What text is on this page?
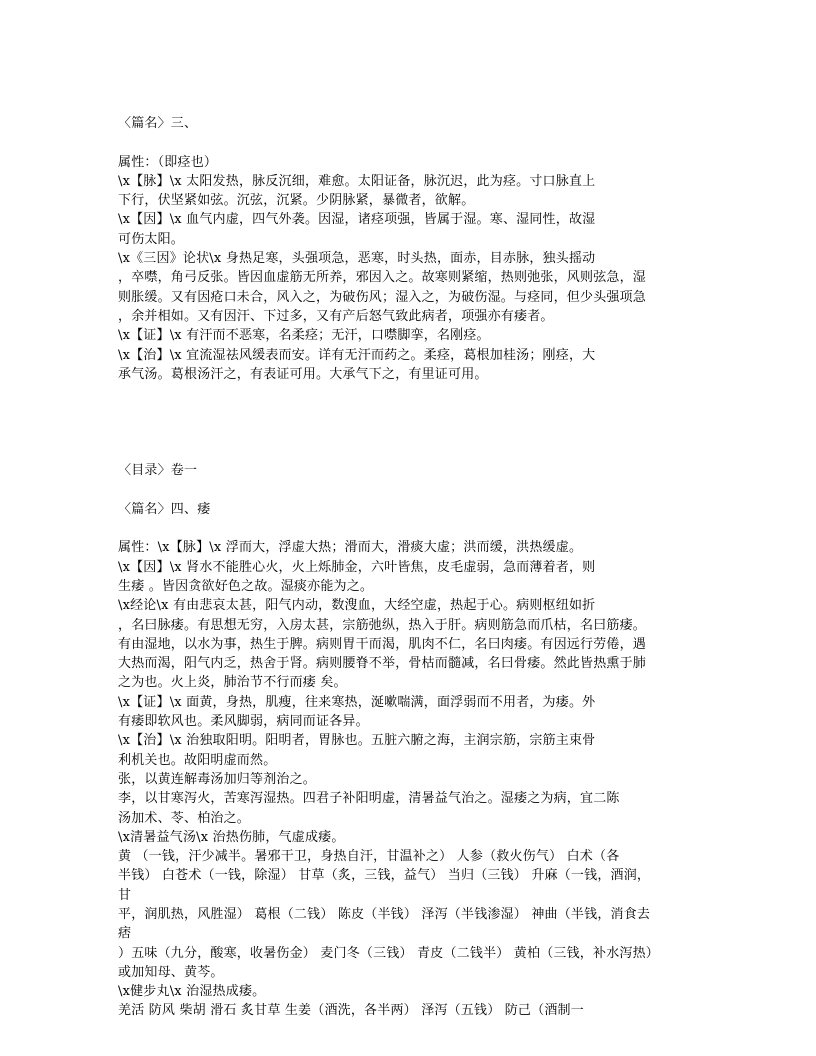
〈篇名〉三、
属性：（即痉也）
\x【脉】\x 太阳发热，脉反沉细，难愈。太阳证备，脉沉迟，此为痉。寸口脉直上
下行，伏坚紧如弦。沉弦，沉紧。少阴脉紧，暴微者，欲解。
\x【因】\x 血气内虚，四气外袭。因湿，诸痉项强，皆属于湿。寒、湿同性，故湿
可伤太阳。
\x《三因》论状\x 身热足寒，头强项急，恶寒，时头热，面赤，目赤脉，独头摇动
，卒噤，角弓反张。皆因血虚筋无所养，邪因入之。故寒则紧缩，热则弛张，风则弦急，湿
则胀缓。又有因疮口未合，风入之，为破伤风；湿入之，为破伤湿。与痉同，但少头强项急
，余并相如。又有因汗、下过多，又有产后怒气致此病者，项强亦有痿者。
\x【证】\x 有汗而不恶寒，名柔痉；无汗，口噤脚挛，名刚痉。
\x【治】\x 宜流湿祛风缓表而安。详有无汗而药之。柔痉，葛根加桂汤；刚痉，大
承气汤。葛根汤汗之，有表证可用。大承气下之，有里证可用。
〈目录〉卷一
〈篇名〉四、痿
属性：\x【脉】\x 浮而大，浮虚大热；滑而大，滑痰大虚；洪而缓，洪热缓虚。
\x【因】\x 肾水不能胜心火，火上烁肺金，六叶皆焦，皮毛虚弱，急而薄着者，则
生痿 。皆因贪欲好色之故。湿痰亦能为之。
\x经论\x 有由悲哀太甚，阳气内动，数溲血，大经空虚，热起于心。病则枢纽如折
，名曰脉痿。有思想无穷，入房太甚，宗筋弛纵，热入于肝。病则筋急而爪枯，名曰筋痿。
有由湿地，以水为事，热生于脾。病则胃干而渴，肌肉不仁，名曰肉痿。有因远行劳倦，遇
大热而渴，阳气内乏，热舍于肾。病则腰脊不举，骨枯而髓减，名曰骨痿。然此皆热熏于肺
之为也。火上炎，肺治节不行而痿 矣。
\x【证】\x 面黄，身热，肌瘦，往来寒热，涎嗽喘满，面浮弱而不用者，为痿。外
有痿即软风也。柔风脚弱，病同而证各异。
\x【治】\x 治独取阳明。阳明者，胃脉也。五脏六腑之海，主润宗筋，宗筋主束骨
利机关也。故阳明虚而然。
张，以黄连解毒汤加归等剂治之。
李，以甘寒泻火，苦寒泻湿热。四君子补阳明虚，清暑益气治之。湿痿之为病，宜二陈
汤加术、苓、柏治之。
\x清暑益气汤\x 治热伤肺，气虚成痿。
黄 （一钱，汗少减半。暑邪干卫，身热自汗，甘温补之） 人参（救火伤气） 白术（各
半钱） 白苍术（一钱，除湿） 甘草（炙，三钱，益气） 当归（三钱） 升麻（一钱，酒润，
甘
平，润肌热，风胜湿） 葛根（二钱） 陈皮（半钱） 泽泻（半钱渗湿） 神曲（半钱，消食去
痞
）五味（九分，酸寒，收暑伤金） 麦门冬（三钱） 青皮（二钱半） 黄柏（三钱，补水泻热）
或加知母、黄芩。
\x健步丸\x 治湿热成痿。
羌活 防风 柴胡 滑石 炙甘草 生姜（酒洗，各半两） 泽泻（五钱） 防己（酒制一
